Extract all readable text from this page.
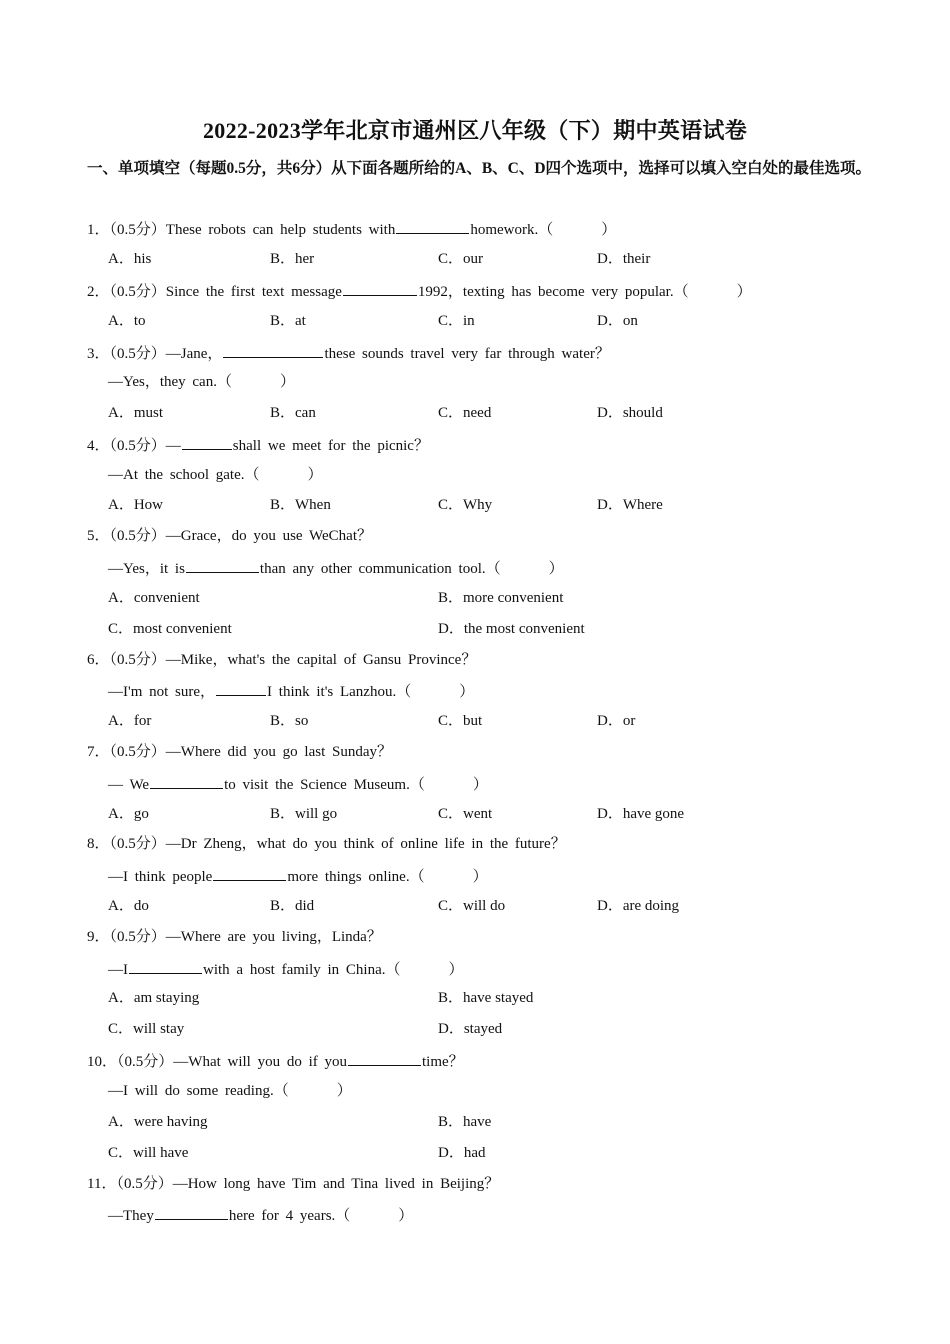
2022-2023学年北京市通州区八年级（下）期中英语试卷
一、单项填空（每题0.5分，共6分）从下面各题所给的A、B、C、D四个选项中，选择可以填入空白处的最佳选项。
1．（0.5分）These robots can help students with	homework.（	）
A．his	B．her	C．our	D．their
2．（0.5分）Since the first text message	1992，texting has become very popular.（	）
A．to	B．at	C．in	D．on
3．（0.5分）—Jane，	these sounds travel very far through water？
—Yes，they can.（	）
A．must	B．can	C．need	D．should
4．（0.5分）—	shall we meet for the picnic？
—At the school gate.（	）
A．How	B．When	C．Why	D．Where
5．（0.5分）—Grace，do you use WeChat？
—Yes，it is	than any other communication tool.（	）
A．convenient	B．more convenient
C．most convenient	D．the most convenient
6．（0.5分）—Mike，what's the capital of Gansu Province？
—I'm not sure，	I think it's Lanzhou.（	）
A．for	B．so	C．but	D．or
7．（0.5分）—Where did you go last Sunday？
— We	to visit the Science Museum.（	）
A．go	B．will go	C．went	D．have gone
8．（0.5分）—Dr Zheng，what do you think of online life in the future？
—I think people	more things online.（	）
A．do	B．did	C．will do	D．are doing
9．（0.5分）—Where are you living，Linda？
—I	with a host family in China.（	）
A．am staying	B．have stayed
C．will stay	D．stayed
10．（0.5分）—What will you do if you	time？
—I will do some reading.（	）
A．were having	B．have
C．will have	D．had
11．（0.5分）—How long have Tim and Tina lived in Beijing？
—They	here for 4 years.（	）
